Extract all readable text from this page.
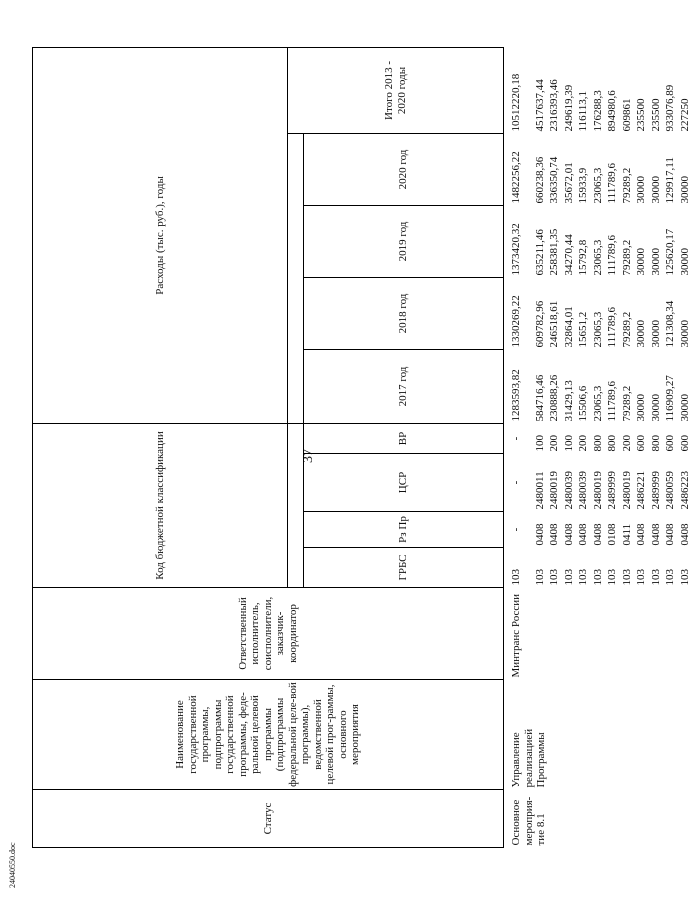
37
24040550.doc
Статус	Наименование государственной программы, подпрограммы государственной программы, феде-ральной целевой программы (подпрограммы федеральной целе-вой программы), ведомственной целевой прог-раммы, основного мероприятия	Ответственный исполнитель, соисполнители, заказчик-координатор	Код бюджетной классификации				Расходы (тыс. руб.), годы				
											Итого 2013 - 2020 годы
			ГРБС	Рз Пр	ЦСР	ВР	2017 год	2018 год	2019 год	2020 год	
Основное мероприя-тие 8.1	Управление реализацией Программы	Минтранс России	103	-	-	-	1283593,82	1330269,22	1373420,32	1482256,22	10512220,18
			103	0408	2480011	100	584716,46	609782,96	635211,46	660238,36	4517637,44
			103	0408	2480019	200	230888,26	246518,61	258381,35	336350,74	2316393,46
			103	0408	2480039	100	31429,13	32864,01	34270,44	35672,01	249619,39
			103	0408	2480039	200	15506,6	15651,2	15792,8	15933,9	116113,1
			103	0408	2480019	800	23065,3	23065,3	23065,3	23065,3	176288,3
			103	0108	2489999	800	111789,6	111789,6	111789,6	111789,6	894980,6
			103	0411	2480019	200	79289,2	79289,2	79289,2	79289,2	609861
			103	0408	2486221	600	30000	30000	30000	30000	235500
			103	0408	2489999	800	30000	30000	30000	30000	235500
			103	0408	2480059	600	116909,27	121308,34	125620,17	129917,11	933076,89
			103	0408	2486223	600	30000	30000	30000	30000	227250
